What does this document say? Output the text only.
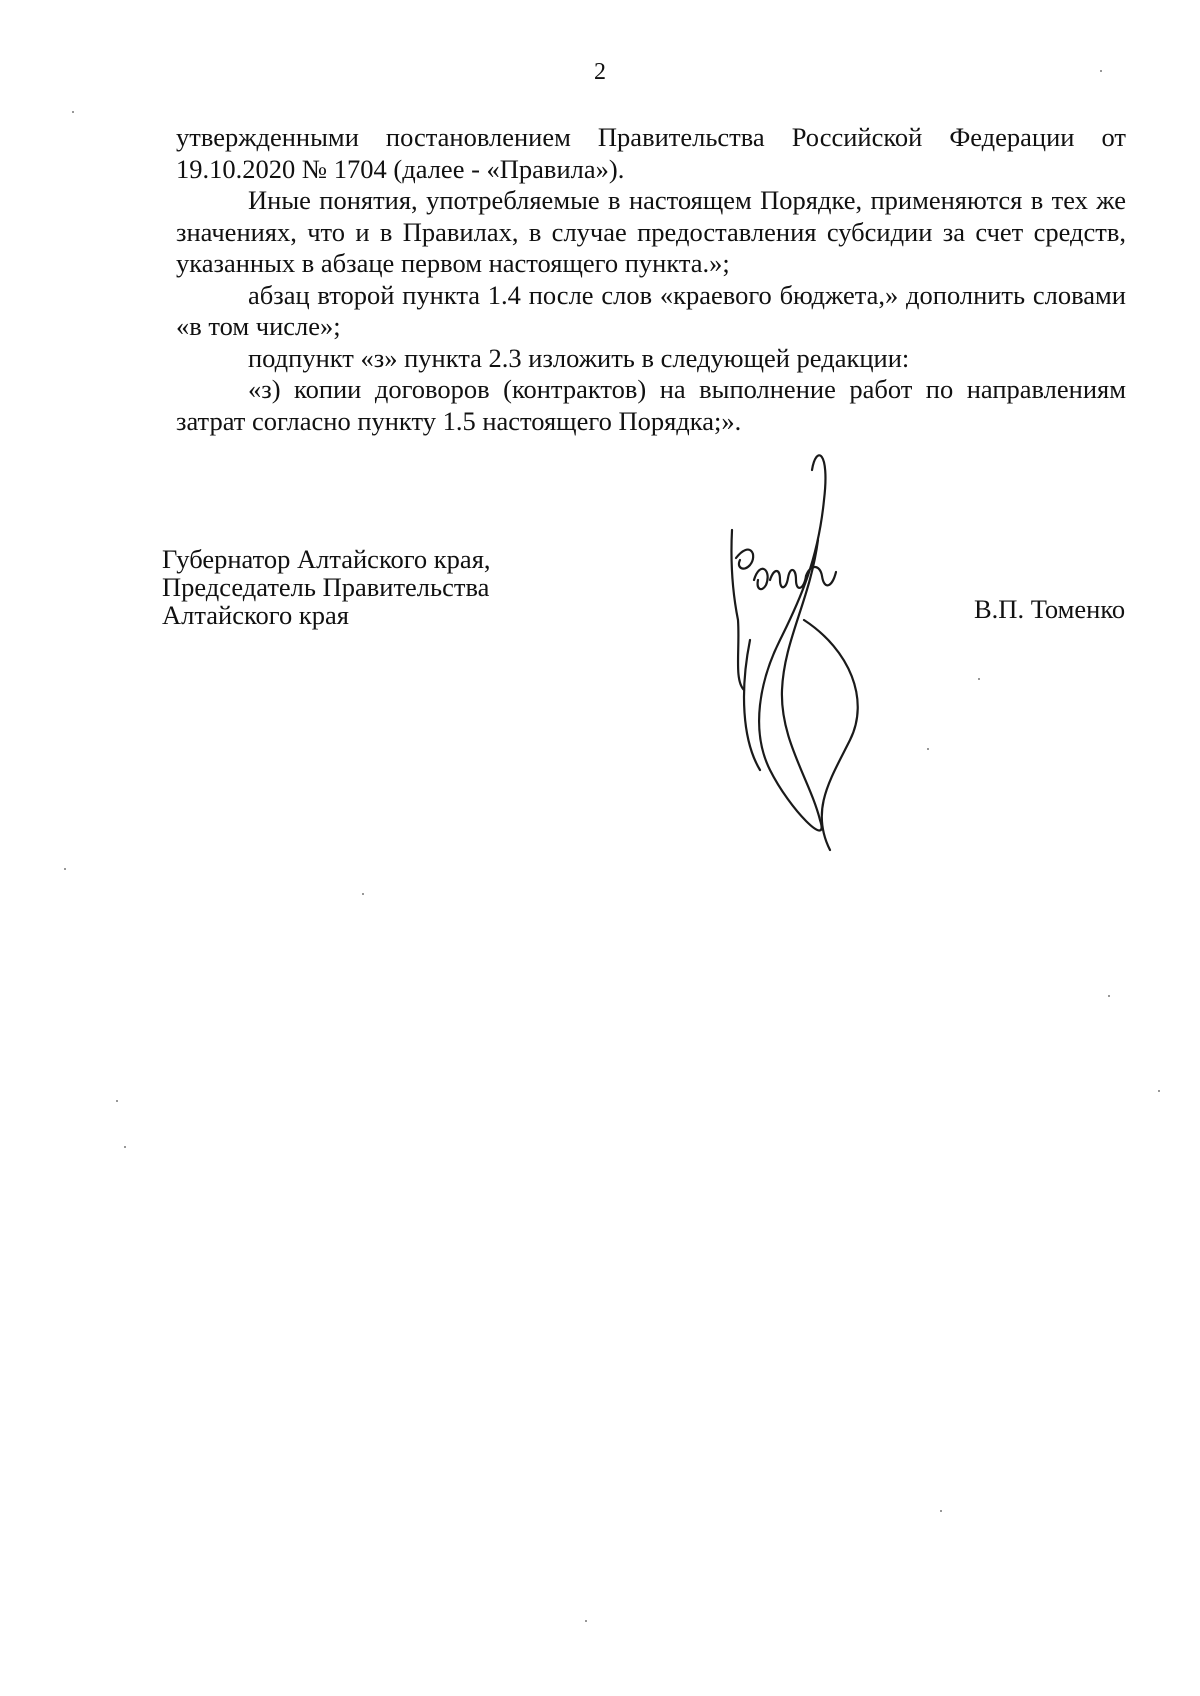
2

утвержденными постановлением Правительства Российской Федерации от 19.10.2020 № 1704 (далее - «Правила»).

Иные понятия, употребляемые в настоящем Порядке, применяются в тех же значениях, что и в Правилах, в случае предоставления субсидии за счет средств, указанных в абзаце первом настоящего пункта.»;

абзац второй пункта 1.4 после слов «краевого бюджета,» дополнить словами «в том числе»;

подпункт «з» пункта 2.3 изложить в следующей редакции:

«з) копии договоров (контрактов) на выполнение работ по направлениям затрат согласно пункту 1.5 настоящего Порядка;».

Губернатор Алтайского края,
Председатель Правительства
Алтайского края	В.П. Томенко
